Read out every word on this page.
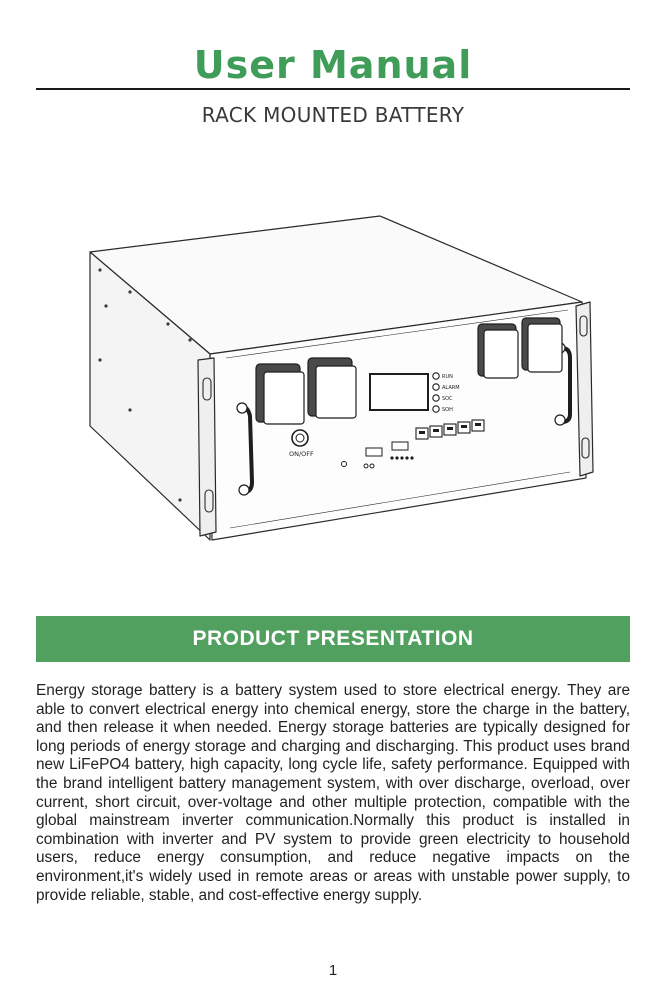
User Manual
RACK MOUNTED BATTERY
RUN
ALARM
SOC
SOH
ON/OFF
PRODUCT PRESENTATION

Energy storage battery is a battery system used to store electrical energy. They are able to convert electrical energy into chemical energy, store the charge in the battery, and then release it when needed. Energy storage batteries are typically designed for long periods of energy storage and charging and discharging. This product uses brand new LiFePO4 battery, high capacity, long cycle life, safety performance. Equipped with the brand intelligent battery management system, with over discharge, overload, over current, short circuit, over-voltage and other multiple protection, compatible with the global mainstream inverter communication.Normally this product is installed in combination with inverter and PV system to provide green electricity to household users, reduce energy consumption, and reduce negative impacts on the environment,it's widely used in remote areas or areas with unstable power supply, to provide reliable, stable, and cost-effective energy supply.

1
